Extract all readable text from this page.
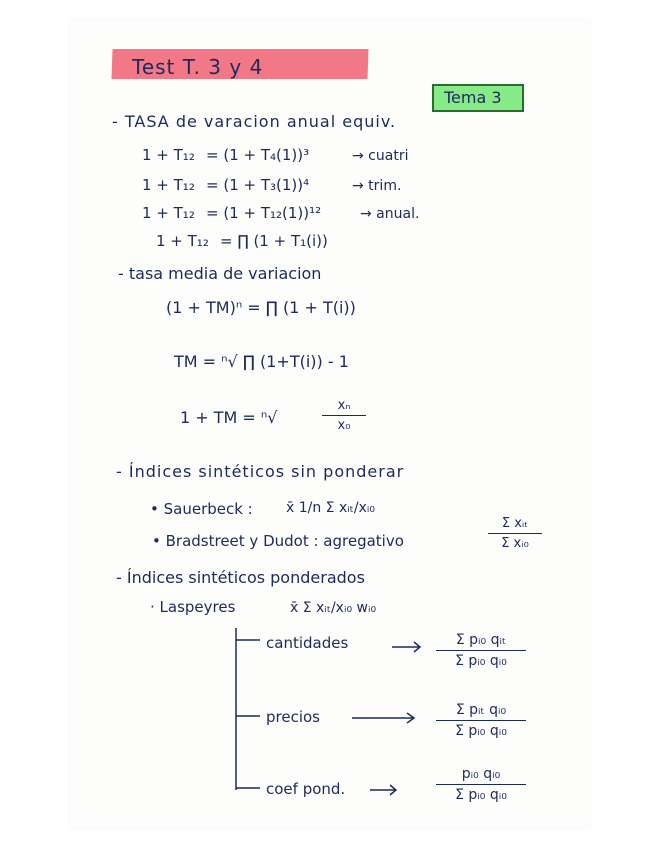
Test T. 3 y 4
Tema 3
- TASA de varacion anual equiv.
1 + T₁₂ = (1 + T₄(1))³	→ cuatri
1 + T₁₂ = (1 + T₃(1))⁴	→ trim.
1 + T₁₂ = (1 + T₁₂(1))¹²	→ anual.
1 + T₁₂ = ∏ (1 + T₁(i))
- tasa media de variacion
(1 + TM)ⁿ = ∏ (1 + T(i))
TM = ⁿ√ ∏ (1+T(i)) - 1
1 + TM = ⁿ√
xₙ
x₀
- Índices sintéticos sin ponderar
• Sauerbeck : x̄ 1/n Σ xᵢₜ/xᵢ₀
• Bradstreet y Dudot : agregativo
Σ xᵢₜ
Σ xᵢ₀
- Índices sintéticos ponderados
· Laspeyres	x̄ Σ xᵢₜ/xᵢ₀ wᵢ₀
cantidades	Σ pᵢ₀ qᵢₜ
Σ pᵢ₀ qᵢ₀
precios	Σ pᵢₜ qᵢ₀
Σ pᵢ₀ qᵢ₀
coef pond.
pᵢ₀ qᵢ₀
Σ pᵢ₀ qᵢ₀
